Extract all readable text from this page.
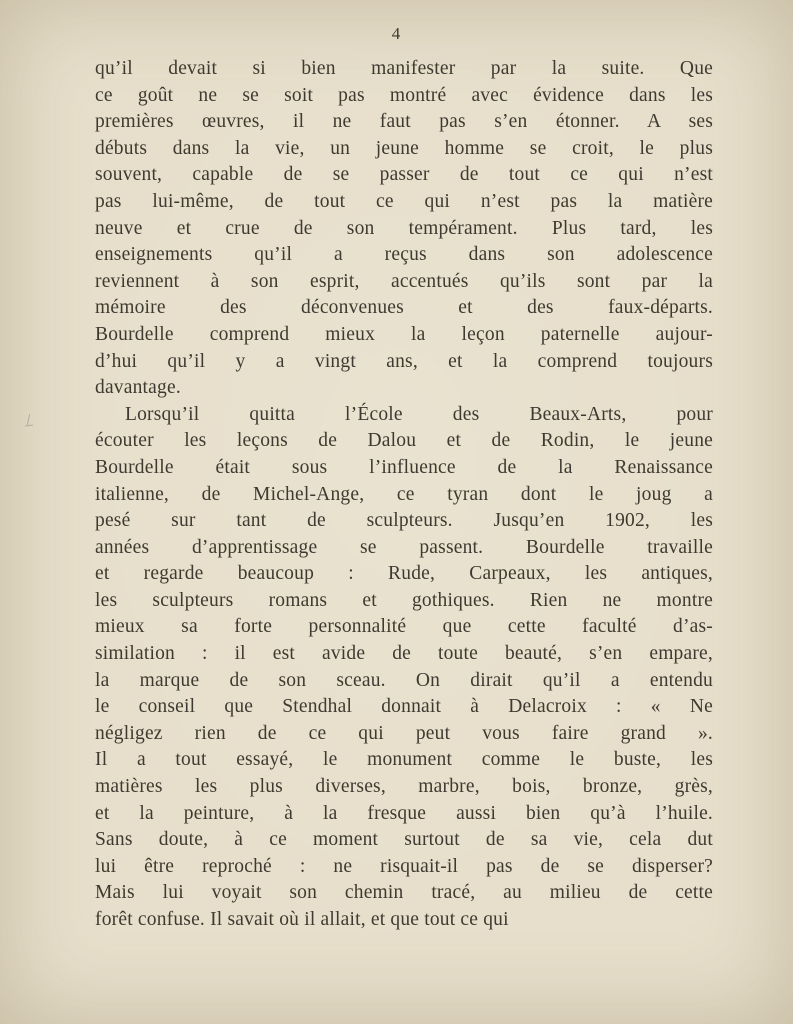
4

qu’il devait si bien manifester par la suite. Que
ce goût ne se soit pas montré avec évidence dans les
premières œuvres, il ne faut pas s’en étonner. A ses
débuts dans la vie, un jeune homme se croit, le plus
souvent, capable de se passer de tout ce qui n’est
pas lui-même, de tout ce qui n’est pas la matière
neuve et crue de son tempérament. Plus tard, les
enseignements qu’il a reçus dans son adolescence
reviennent à son esprit, accentués qu’ils sont par la
mémoire des déconvenues et des faux-départs.
Bourdelle comprend mieux la leçon paternelle aujour-
d’hui qu’il y a vingt ans, et la comprend toujours
davantage.

Lorsqu’il quitta l’École des Beaux-Arts, pour
écouter les leçons de Dalou et de Rodin, le jeune
Bourdelle était sous l’influence de la Renaissance
italienne, de Michel-Ange, ce tyran dont le joug a
pesé sur tant de sculpteurs. Jusqu’en 1902, les
années d’apprentissage se passent. Bourdelle travaille
et regarde beaucoup : Rude, Carpeaux, les antiques,
les sculpteurs romans et gothiques. Rien ne montre
mieux sa forte personnalité que cette faculté d’as-
similation : il est avide de toute beauté, s’en empare,
la marque de son sceau. On dirait qu’il a entendu
le conseil que Stendhal donnait à Delacroix : « Ne
négligez rien de ce qui peut vous faire grand ».
Il a tout essayé, le monument comme le buste, les
matières les plus diverses, marbre, bois, bronze, grès,
et la peinture, à la fresque aussi bien qu’à l’huile.
Sans doute, à ce moment surtout de sa vie, cela dut
lui être reproché : ne risquait-il pas de se disperser?
Mais lui voyait son chemin tracé, au milieu de cette
forêt confuse. Il savait où il allait, et que tout ce qui
